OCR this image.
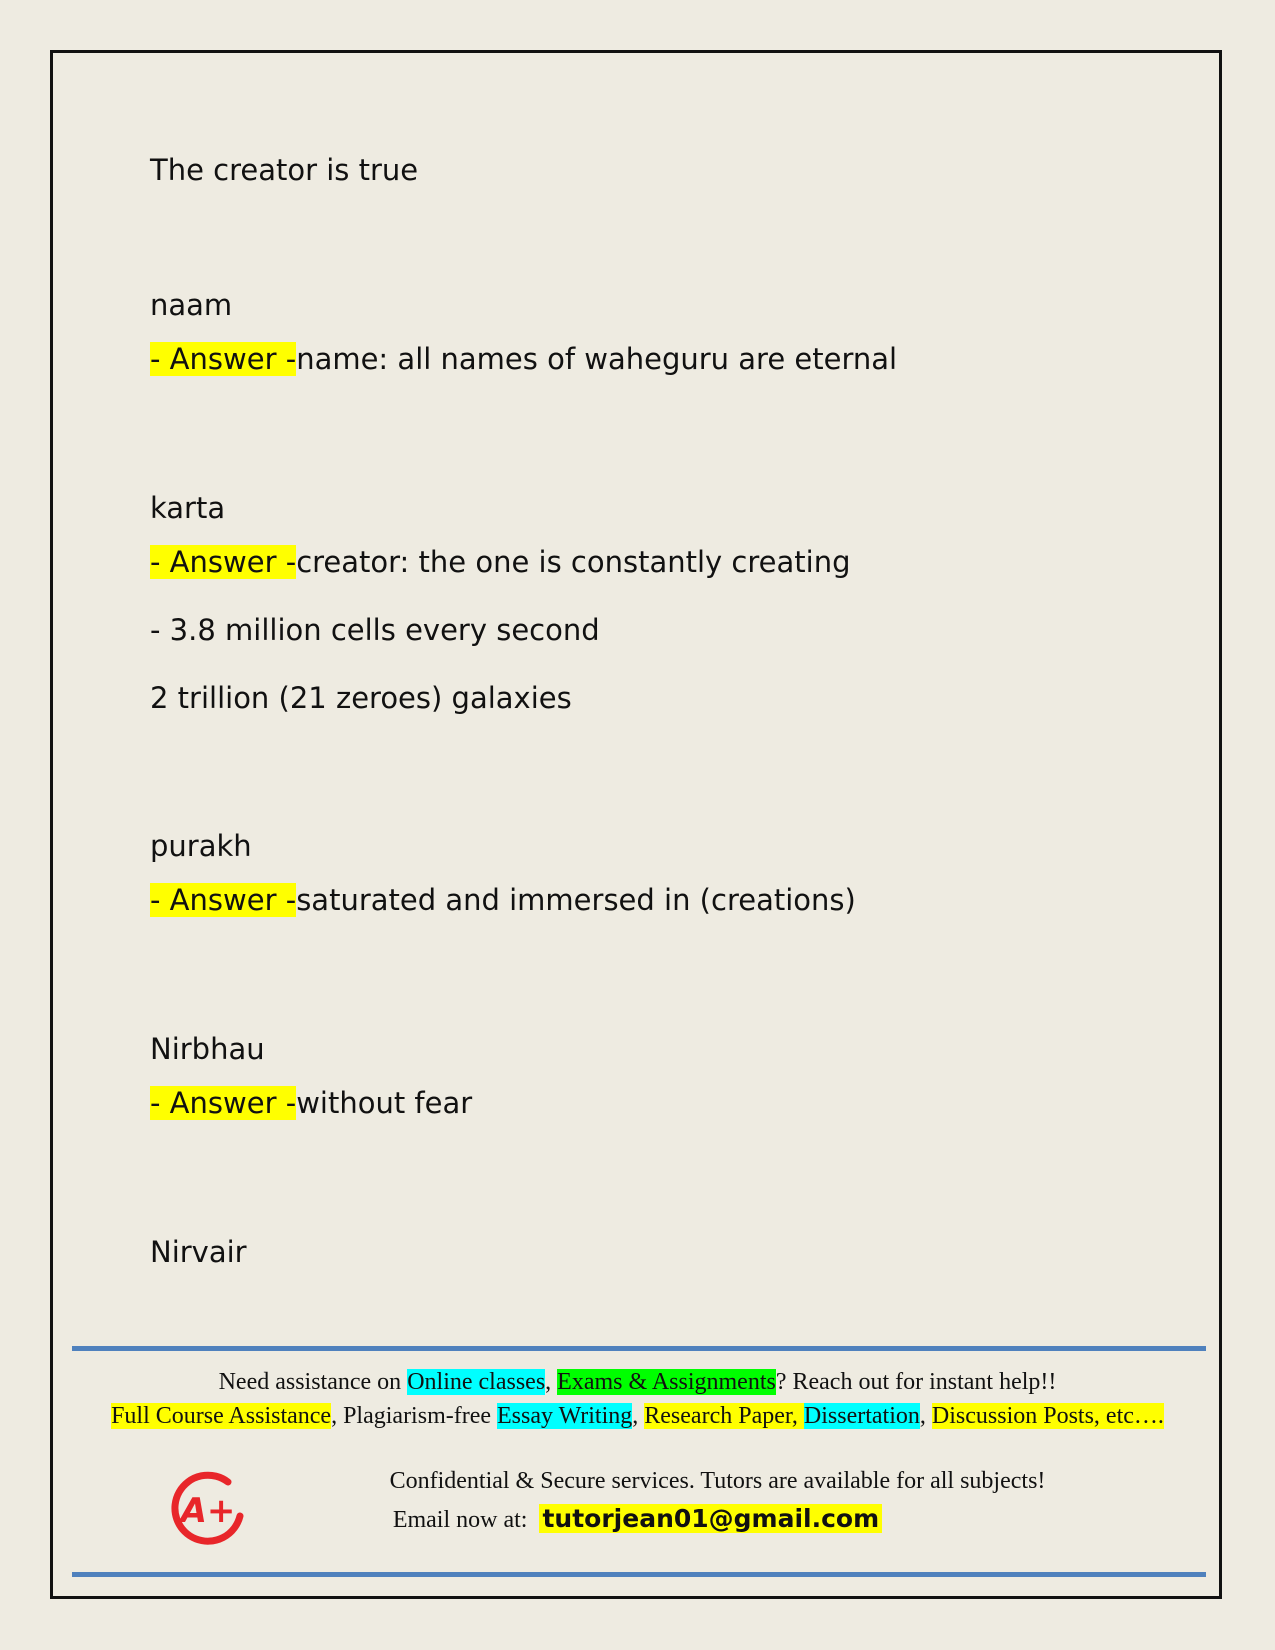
The creator is true
naam
- Answer -name: all names of waheguru are eternal
karta
- Answer -creator: the one is constantly creating
- 3.8 million cells every second
2 trillion (21 zeroes) galaxies
purakh
- Answer -saturated and immersed in (creations)
Nirbhau
- Answer -without fear
Nirvair
Need assistance on Online classes, Exams & Assignments? Reach out for instant help!!
Full Course Assistance, Plagiarism-free Essay Writing, Research Paper, Dissertation, Discussion Posts, etc….
A+
Confidential & Secure services. Tutors are available for all subjects!
Email now at: tutorjean01@gmail.com
